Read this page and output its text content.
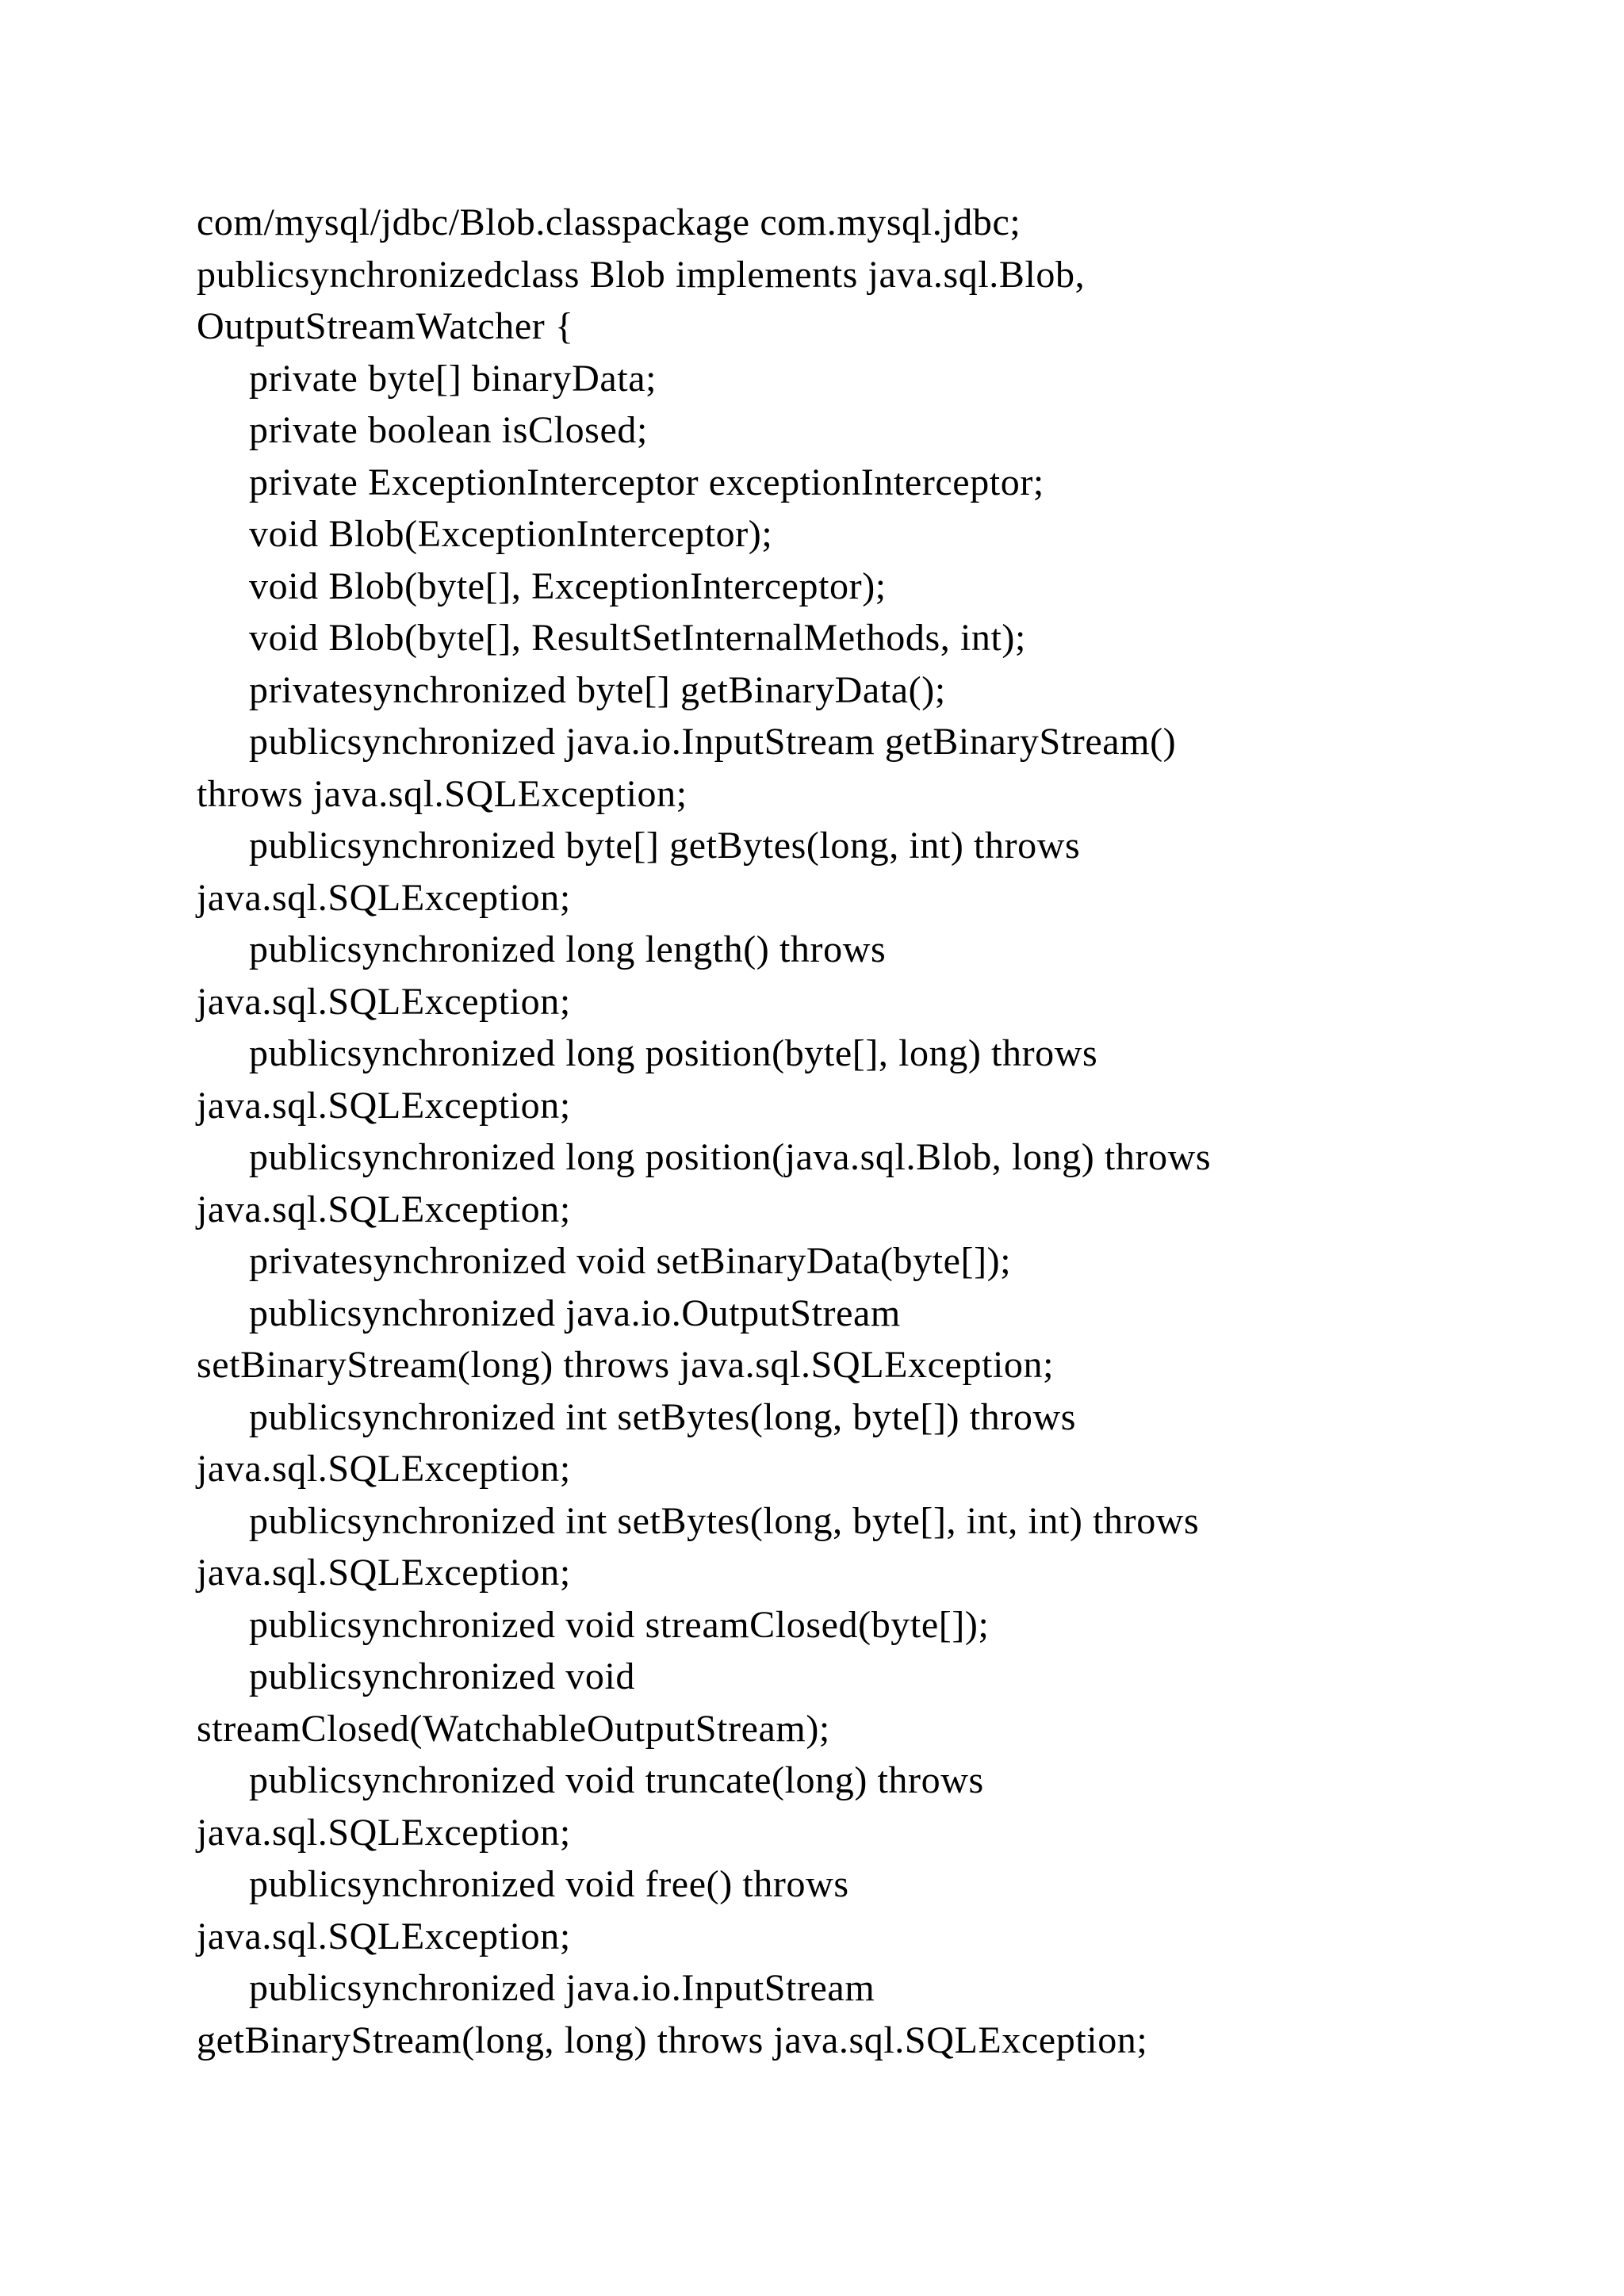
com/mysql/jdbc/Blob.classpackage com.mysql.jdbc;
publicsynchronizedclass Blob implements java.sql.Blob,
OutputStreamWatcher {
private byte[] binaryData;
private boolean isClosed;
private ExceptionInterceptor exceptionInterceptor;
void Blob(ExceptionInterceptor);
void Blob(byte[], ExceptionInterceptor);
void Blob(byte[], ResultSetInternalMethods, int);
privatesynchronized byte[] getBinaryData();
publicsynchronized java.io.InputStream getBinaryStream()
throws java.sql.SQLException;
publicsynchronized byte[] getBytes(long, int) throws
java.sql.SQLException;
publicsynchronized long length() throws
java.sql.SQLException;
publicsynchronized long position(byte[], long) throws
java.sql.SQLException;
publicsynchronized long position(java.sql.Blob, long) throws
java.sql.SQLException;
privatesynchronized void setBinaryData(byte[]);
publicsynchronized java.io.OutputStream
setBinaryStream(long) throws java.sql.SQLException;
publicsynchronized int setBytes(long, byte[]) throws
java.sql.SQLException;
publicsynchronized int setBytes(long, byte[], int, int) throws
java.sql.SQLException;
publicsynchronized void streamClosed(byte[]);
publicsynchronized void
streamClosed(WatchableOutputStream);
publicsynchronized void truncate(long) throws
java.sql.SQLException;
publicsynchronized void free() throws
java.sql.SQLException;
publicsynchronized java.io.InputStream
getBinaryStream(long, long) throws java.sql.SQLException;
